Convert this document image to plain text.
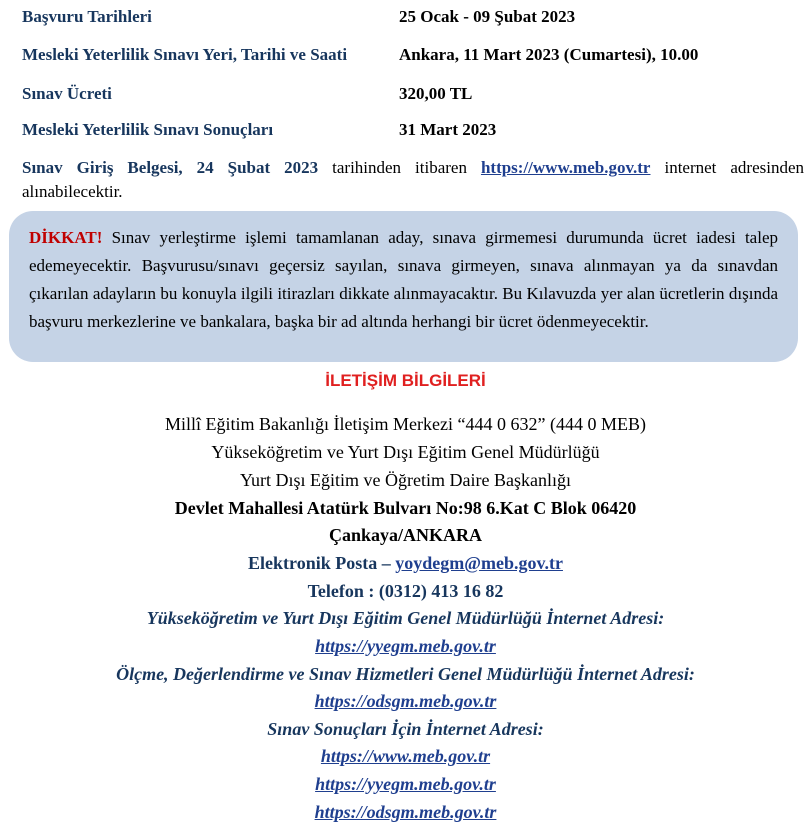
Başvuru Tarihleri	25 Ocak - 09 Şubat 2023
Mesleki Yeterlilik Sınavı Yeri, Tarihi ve Saati	Ankara, 11 Mart 2023 (Cumartesi), 10.00
Sınav Ücreti	320,00 TL
Mesleki Yeterlilik Sınavı Sonuçları	31 Mart 2023
Sınav Giriş Belgesi, 24 Şubat 2023 tarihinden itibaren https://www.meb.gov.tr internet adresinden alınabilecektir.
DİKKAT! Sınav yerleştirme işlemi tamamlanan aday, sınava girmemesi durumunda ücret iadesi talep edemeyecektir. Başvurusu/sınavı geçersiz sayılan, sınava girmeyen, sınava alınmayan ya da sınavdan çıkarılan adayların bu konuyla ilgili itirazları dikkate alınmayacaktır. Bu Kılavuzda yer alan ücretlerin dışında başvuru merkezlerine ve bankalara, başka bir ad altında herhangi bir ücret ödenmeyecektir.
İLETİŞİM BİLGİLERİ
Millî Eğitim Bakanlığı İletişim Merkezi “444 0 632” (444 0 MEB)
Yükseköğretim ve Yurt Dışı Eğitim Genel Müdürlüğü
Yurt Dışı Eğitim ve Öğretim Daire Başkanlığı
Devlet Mahallesi Atatürk Bulvarı No:98 6.Kat C Blok 06420
Çankaya/ANKARA
Elektronik Posta – yoydegm@meb.gov.tr
Telefon : (0312) 413 16 82
Yükseköğretim ve Yurt Dışı Eğitim Genel Müdürlüğü İnternet Adresi:
https://yyegm.meb.gov.tr
Ölçme, Değerlendirme ve Sınav Hizmetleri Genel Müdürlüğü İnternet Adresi:
https://odsgm.meb.gov.tr
Sınav Sonuçları İçin İnternet Adresi:
https://www.meb.gov.tr
https://yyegm.meb.gov.tr
https://odsgm.meb.gov.tr
